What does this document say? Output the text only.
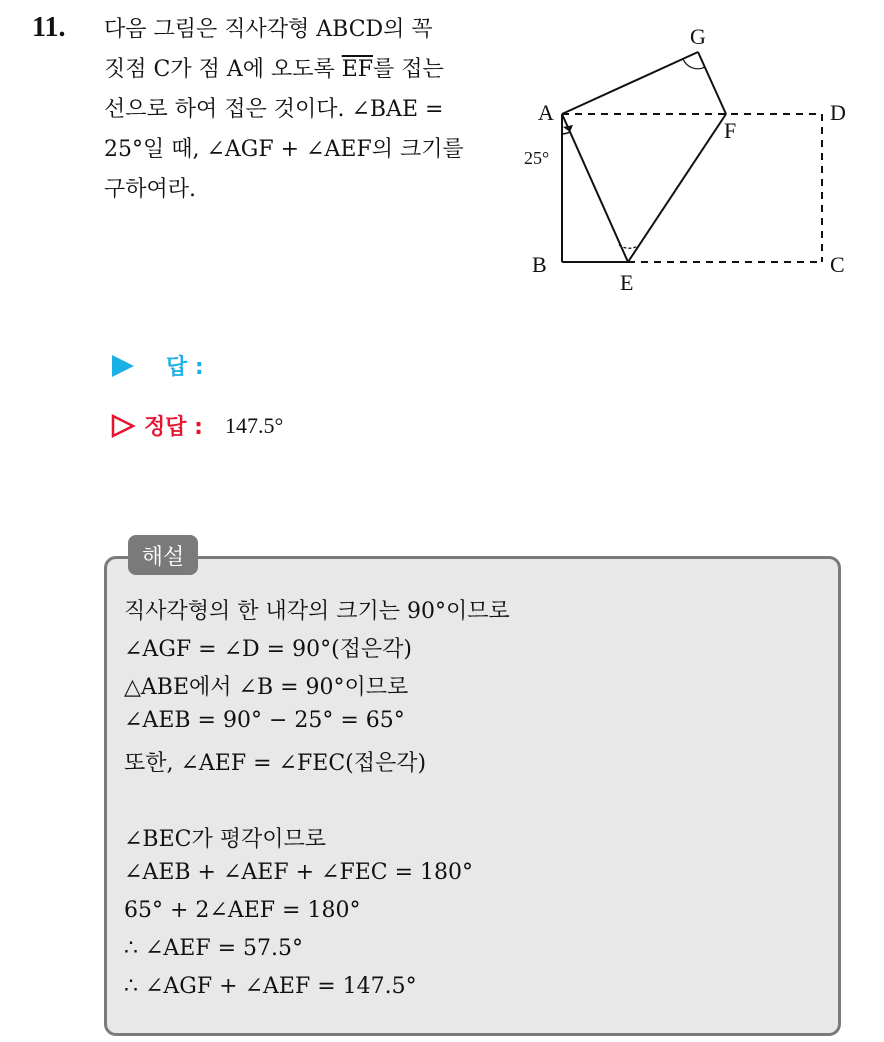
11. 다음 그림은 직사각형 ABCD의 꼭
짓점 C가 점 A에 오도록 $\overline{EF}$를 접는
선으로 하여 접은 것이다. ∠BAE =
25°일 때, ∠AGF + ∠AEF의 크기를
구하여라.
A
B	C
D
E
F
G
25°
답 :
정답 : 147.5°
해설
직사각형의 한 내각의 크기는 90°이므로
∠AGF = ∠D = 90°(접은각)
△ABE에서 ∠B = 90°이므로
∠AEB = 90° − 25° = 65°
또한, ∠AEF = ∠FEC(접은각)
∠BEC가 평각이므로
∠AEB + ∠AEF + ∠FEC = 180°
65° + 2∠AEF = 180°
∴ ∠AEF = 57.5°
∴ ∠AGF + ∠AEF = 147.5°
